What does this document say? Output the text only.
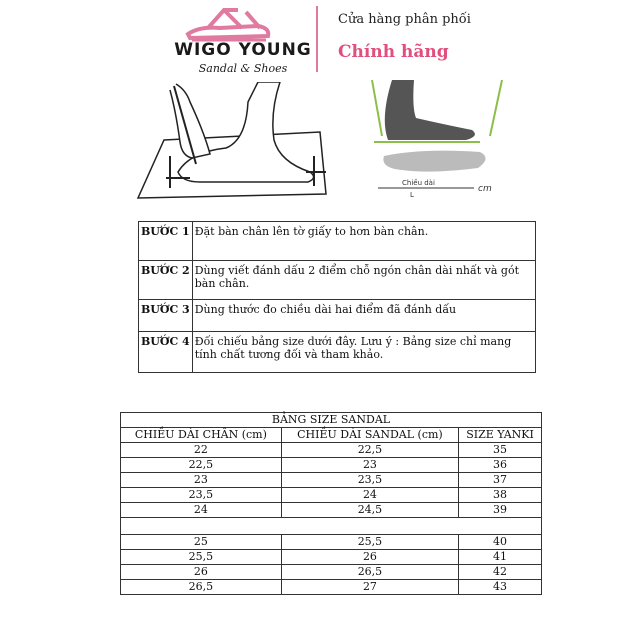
WIGO YOUNG
Sandal & Shoes
Cửa hàng phân phối
Chính hãng
Chiều dài
L
cm
BƯỚC 1	Đặt bàn chân lên tờ giấy to hơn bàn chân.
BƯỚC 2	Dùng viết đánh dấu 2 điểm chỗ ngón chân dài nhất và gót bàn chân.
BƯỚC 3	Dùng thước đo chiều dài hai điểm đã đánh dấu
BƯỚC 4	Đối chiếu bảng size dưới đây. Lưu ý : Bảng size chỉ mang tính chất tương đối và tham khảo.
BẢNG SIZE SANDAL		
CHIỀU DÀI CHÂN (cm)	CHIỀU DÀI SANDAL (cm)	SIZE YANKI
22	22,5	35
22,5	23	36
23	23,5	37
23,5	24	38
24	24,5	39

25	25,5	40
25,5	26	41
26	26,5	42
26,5	27	43
